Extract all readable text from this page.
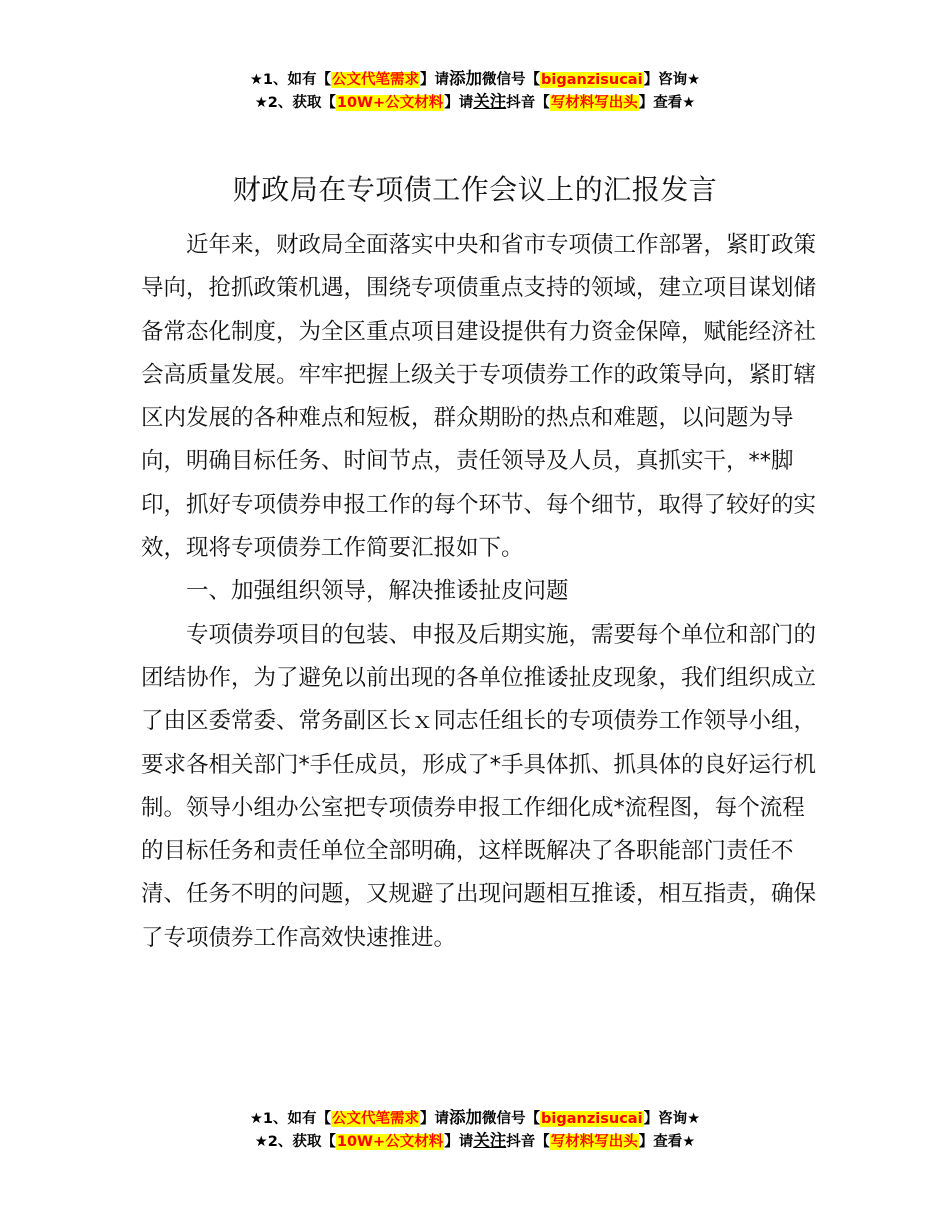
★1、如有【公文代笔需求】请添加微信号【biganzisucai】咨询★
★2、获取【10W+公文材料】请关注抖音【写材料写出头】查看★
财政局在专项债工作会议上的汇报发言

近年来，财政局全面落实中央和省市专项债工作部署，紧盯政策导向，抢抓政策机遇，围绕专项债重点支持的领域，建立项目谋划储备常态化制度，为全区重点项目建设提供有力资金保障，赋能经济社会高质量发展。牢牢把握上级关于专项债券工作的政策导向，紧盯辖区内发展的各种难点和短板，群众期盼的热点和难题，以问题为导向，明确目标任务、时间节点，责任领导及人员，真抓实干，**脚印，抓好专项债券申报工作的每个环节、每个细节，取得了较好的实效，现将专项债券工作简要汇报如下。

一、加强组织领导，解决推诿扯皮问题

专项债券项目的包装、申报及后期实施，需要每个单位和部门的团结协作，为了避免以前出现的各单位推诿扯皮现象，我们组织成立了由区委常委、常务副区长ｘ同志任组长的专项债券工作领导小组，要求各相关部门*手任成员，形成了*手具体抓、抓具体的良好运行机制。领导小组办公室把专项债券申报工作细化成*流程图，每个流程的目标任务和责任单位全部明确，这样既解决了各职能部门责任不清、任务不明的问题，又规避了出现问题相互推诿，相互指责，确保了专项债券工作高效快速推进。

★1、如有【公文代笔需求】请添加微信号【biganzisucai】咨询★
★2、获取【10W+公文材料】请关注抖音【写材料写出头】查看★
